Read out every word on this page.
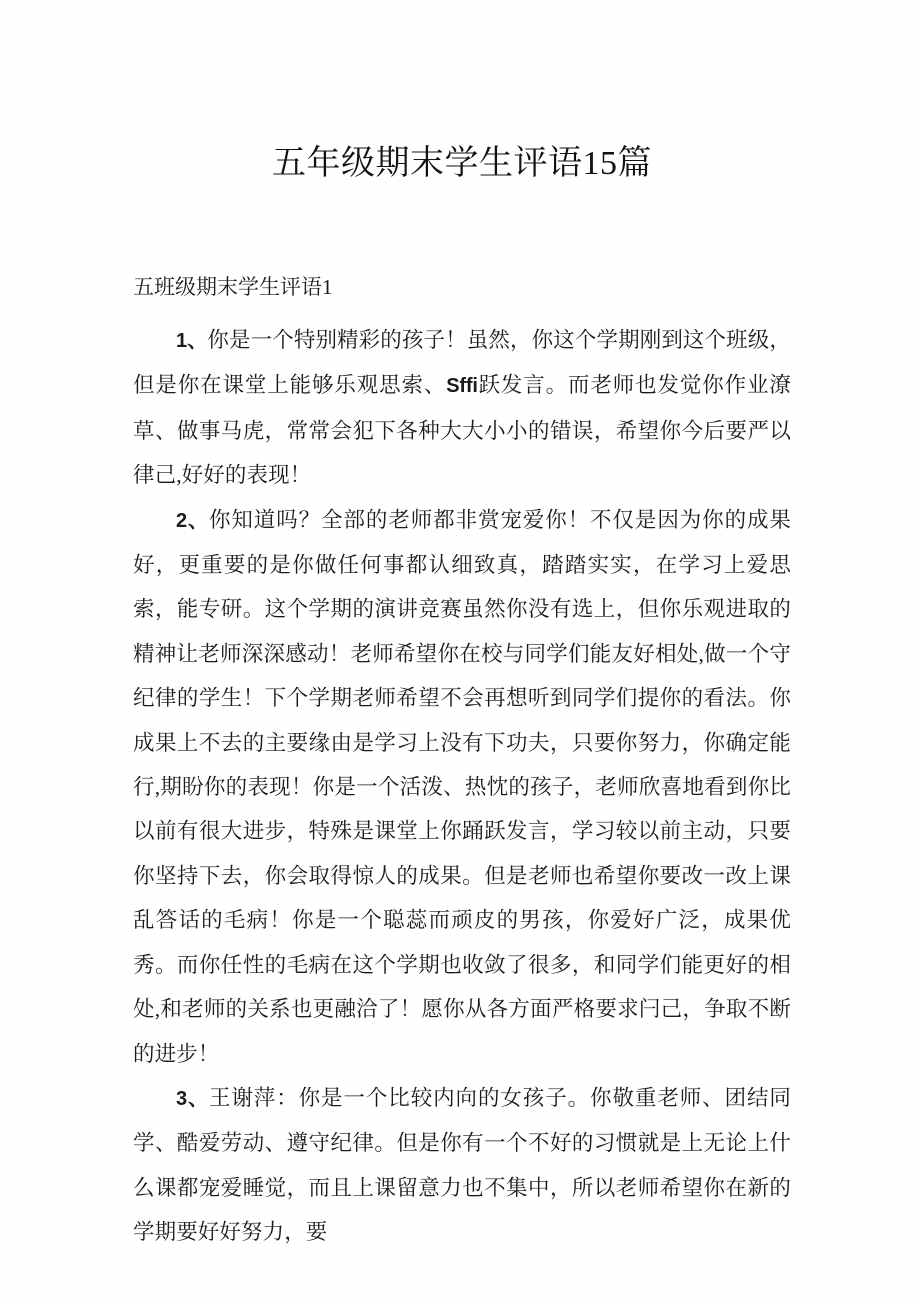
五年级期末学生评语15篇
五班级期末学生评语1

1、你是一个特别精彩的孩子！虽然，你这个学期刚到这个班级，但是你在课堂上能够乐观思索、Sffi跃发言。而老师也发觉你作业潦草、做事马虎，常常会犯下各种大大小小的错误，希望你今后要严以律己,好好的表现！

2、你知道吗？全部的老师都非赏宠爱你！不仅是因为你的成果好，更重要的是你做任何事都认细致真，踏踏实实，在学习上爱思索，能专研。这个学期的演讲竞赛虽然你没有选上，但你乐观进取的精神让老师深深感动！老师希望你在校与同学们能友好相处,做一个守纪律的学生！下个学期老师希望不会再想听到同学们提你的看法。你成果上不去的主要缘由是学习上没有下功夫，只要你努力，你确定能行,期盼你的表现！你是一个活泼、热忱的孩子，老师欣喜地看到你比以前有很大进步，特殊是课堂上你踊跃发言，学习较以前主动，只要你坚持下去，你会取得惊人的成果。但是老师也希望你要改一改上课乱答话的毛病！你是一个聪蕊而顽皮的男孩，你爱好广泛，成果优秀。而你任性的毛病在这个学期也收敛了很多，和同学们能更好的相处,和老师的关系也更融洽了！愿你从各方面严格要求闩己，争取不断的进步！

3、王谢萍：你是一个比较内向的女孩子。你敬重老师、团结同学、酷爱劳动、遵守纪律。但是你有一个不好的习惯就是上无论上什么课都宠爱睡觉，而且上课留意力也不集中，所以老师希望你在新的学期要好好努力，要
